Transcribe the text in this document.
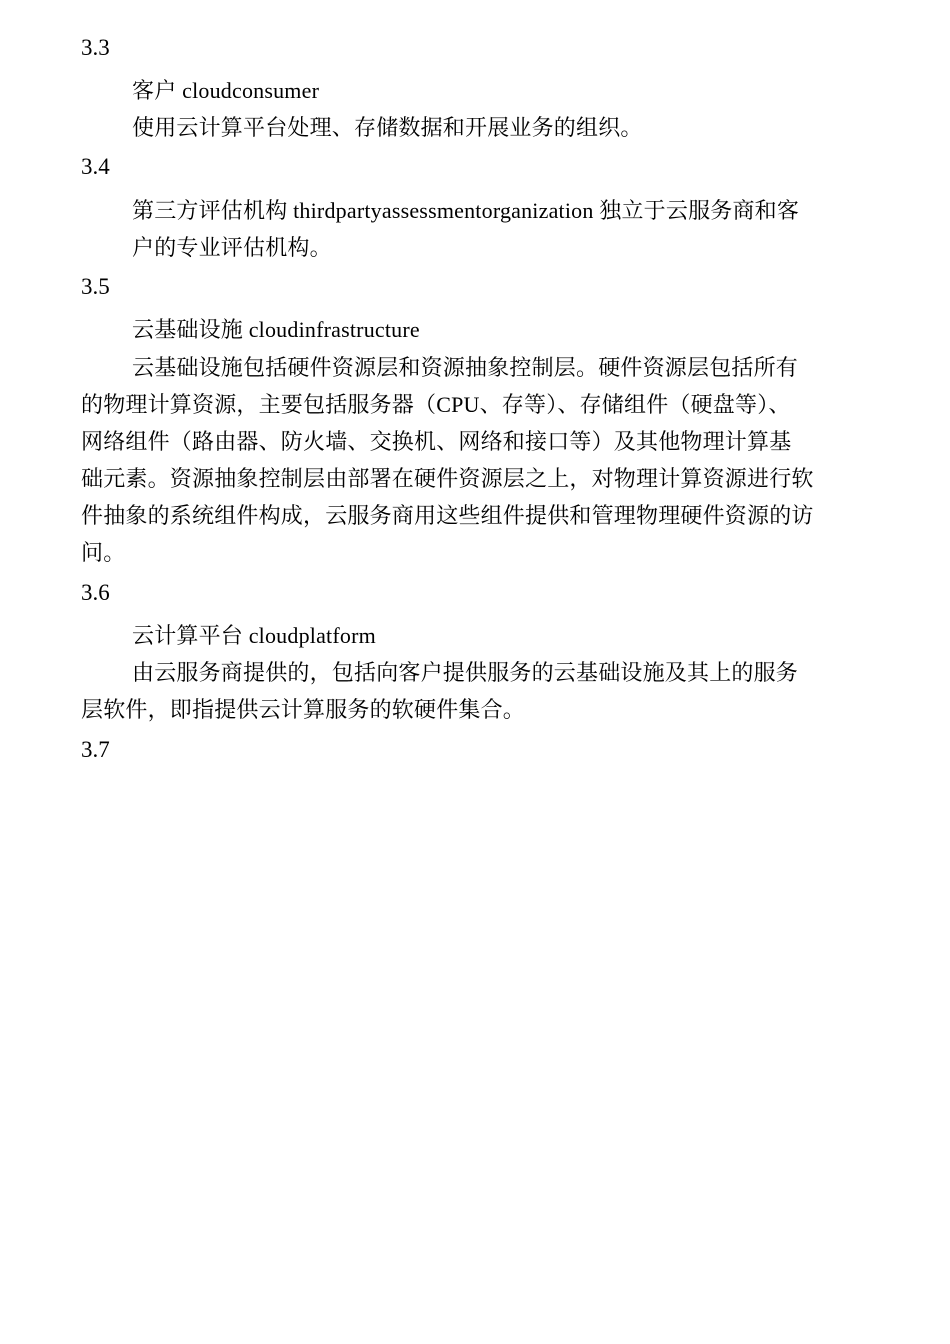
3.3
客户 cloudconsumer
使用云计算平台处理、存储数据和开展业务的组织。
3.4
第三方评估机构 thirdpartyassessmentorganization 独立于云服务商和客
户的专业评估机构。
3.5
云基础设施 cloudinfrastructure
云基础设施包括硬件资源层和资源抽象控制层。硬件资源层包括所有
的物理计算资源，主要包括服务器（CPU、存等）、存储组件（硬盘等）、
网络组件（路由器、防火墙、交换机、网络和接口等）及其他物理计算基
础元素。资源抽象控制层由部署在硬件资源层之上，对物理计算资源进行软
件抽象的系统组件构成，云服务商用这些组件提供和管理物理硬件资源的访
问。
3.6
云计算平台 cloudplatform
由云服务商提供的，包括向客户提供服务的云基础设施及其上的服务
层软件，即指提供云计算服务的软硬件集合。
3.7
